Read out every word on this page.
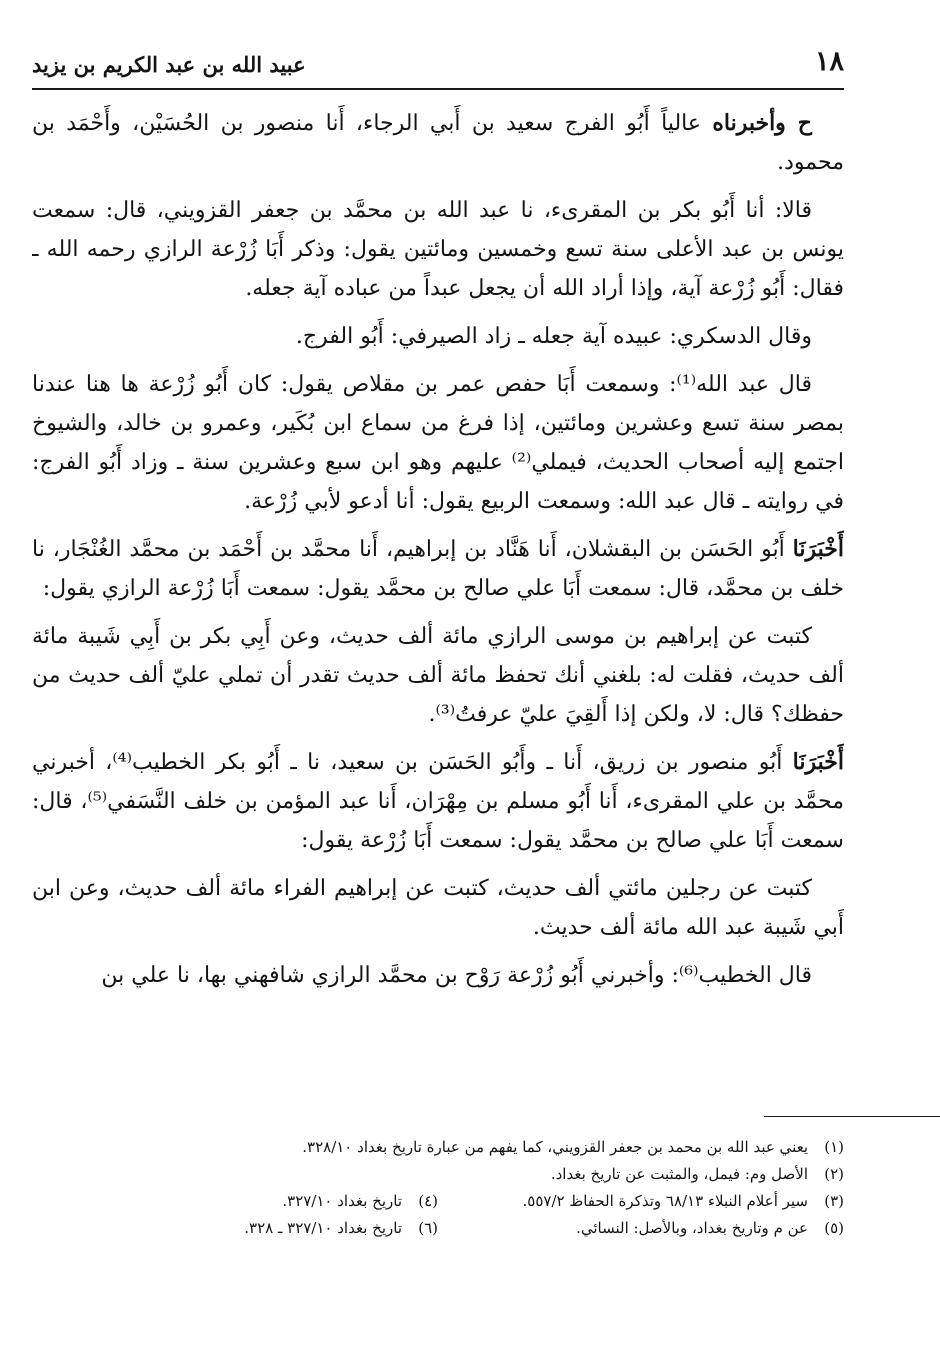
١٨
عبيد الله بن عبد الكريم بن يزيد

ح وأخبرناه عالياً أَبُو الفرج سعيد بن أَبي الرجاء، أَنا منصور بن الحُسَيْن، وأَحْمَد بن محمود.

قالا: أنا أَبُو بكر بن المقرىء، نا عبد الله بن محمَّد بن جعفر القزويني، قال: سمعت يونس بن عبد الأعلى سنة تسع وخمسين ومائتين يقول: وذكر أَبَا زُرْعة الرازي رحمه الله ـ فقال: أَبُو زُرْعة آية، وإذا أراد الله أن يجعل عبداً من عباده آية جعله.

وقال الدسكري: عبيده آية جعله ـ زاد الصيرفي: أَبُو الفرج.

قال عبد الله⁽¹⁾: وسمعت أَبَا حفص عمر بن مقلاص يقول: كان أَبُو زُرْعة ها هنا عندنا بمصر سنة تسع وعشرين ومائتين، إذا فرغ من سماع ابن بُكَير، وعمرو بن خالد، والشيوخ اجتمع إليه أصحاب الحديث، فيملي⁽²⁾ عليهم وهو ابن سبع وعشرين سنة ـ وزاد أَبُو الفرج: في روايته ـ قال عبد الله: وسمعت الربيع يقول: أنا أدعو لأبي زُرْعة.

أَخْبَرَنَا أَبُو الحَسَن بن البقشلان، أَنا هَنَّاد بن إبراهيم، أَنا محمَّد بن أَحْمَد بن محمَّد الغُنْجَار، نا خلف بن محمَّد، قال: سمعت أَبَا علي صالح بن محمَّد يقول: سمعت أَبَا زُرْعة الرازي يقول:

كتبت عن إبراهيم بن موسى الرازي مائة ألف حديث، وعن أَبِي بكر بن أَبِي شَيبة مائة ألف حديث، فقلت له: بلغني أنك تحفظ مائة ألف حديث تقدر أن تملي عليّ ألف حديث من حفظك؟ قال: لا، ولكن إذا أَلقِيَ عليّ عرفتُ⁽³⁾.

أَخْبَرَنَا أَبُو منصور بن زريق، أَنا ـ وأَبُو الحَسَن بن سعيد، نا ـ أَبُو بكر الخطيب⁽⁴⁾، أخبرني محمَّد بن علي المقرىء، أَنا أَبُو مسلم بن مِهْرَان، أَنا عبد المؤمن بن خلف النَّسَفي⁽⁵⁾، قال: سمعت أَبَا علي صالح بن محمَّد يقول: سمعت أَبَا زُرْعة يقول:

كتبت عن رجلين مائتي ألف حديث، كتبت عن إبراهيم الفراء مائة ألف حديث، وعن ابن أَبي شَيبة عبد الله مائة ألف حديث.

قال الخطيب⁽⁶⁾: وأخبرني أَبُو زُرْعة رَوْح بن محمَّد الرازي شافهني بها، نا علي بن

(١)
يعني عبد الله بن محمد بن جعفر القزويني، كما يفهم من عبارة تاريخ بغداد ٣٢٨/١٠.
(٢)
الأصل وم: فيمل، والمثبت عن تاريخ بغداد.
(٣)
سير أعلام النبلاء ٦٨/١٣ وتذكرة الحفاظ ٥٥٧/٢.
(٤)
تاريخ بغداد ٣٢٧/١٠.
(٥)
عن م وتاريخ بغداد، وبالأصل: النسائي.
(٦)
تاريخ بغداد ٣٢٧/١٠ ـ ٣٢٨.
